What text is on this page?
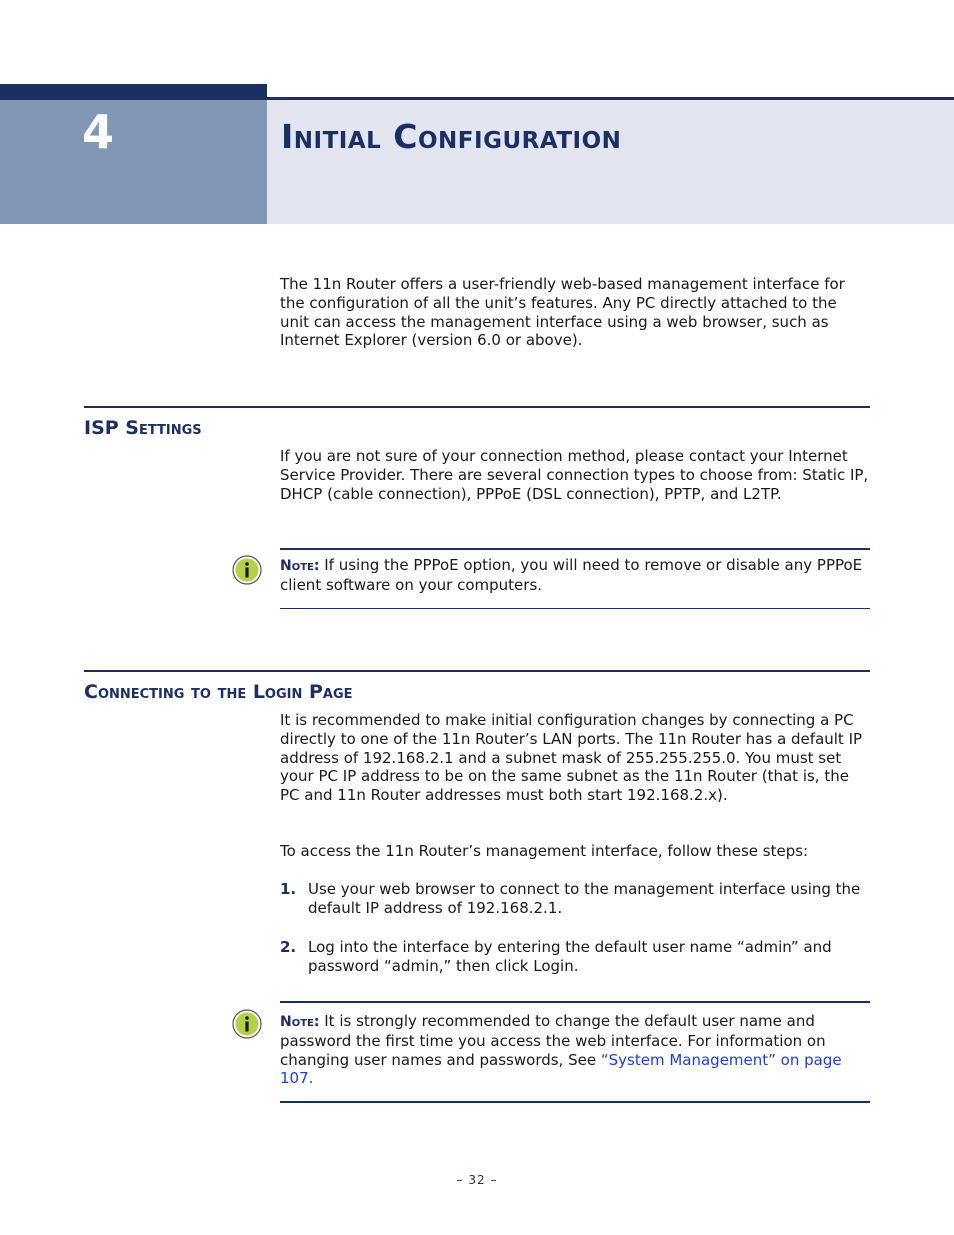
4	Initial Configuration

The 11n Router offers a user-friendly web-based management interface for the configuration of all the unit’s features. Any PC directly attached to the unit can access the management interface using a web browser, such as Internet Explorer (version 6.0 or above).

ISP Settings

If you are not sure of your connection method, please contact your Internet Service Provider. There are several connection types to choose from: Static IP, DHCP (cable connection), PPPoE (DSL connection), PPTP, and L2TP.

Note: If using the PPPoE option, you will need to remove or disable any PPPoE client software on your computers.

Connecting to the Login Page

It is recommended to make initial configuration changes by connecting a PC directly to one of the 11n Router’s LAN ports. The 11n Router has a default IP address of 192.168.2.1 and a subnet mask of 255.255.255.0. You must set your PC IP address to be on the same subnet as the 11n Router (that is, the PC and 11n Router addresses must both start 192.168.2.x).

To access the 11n Router’s management interface, follow these steps:

1. Use your web browser to connect to the management interface using the default IP address of 192.168.2.1.
2. Log into the interface by entering the default user name “admin” and password “admin,” then click Login.

Note: It is strongly recommended to change the default user name and password the first time you access the web interface. For information on changing user names and passwords, See “System Management” on page 107.

– 32 –
